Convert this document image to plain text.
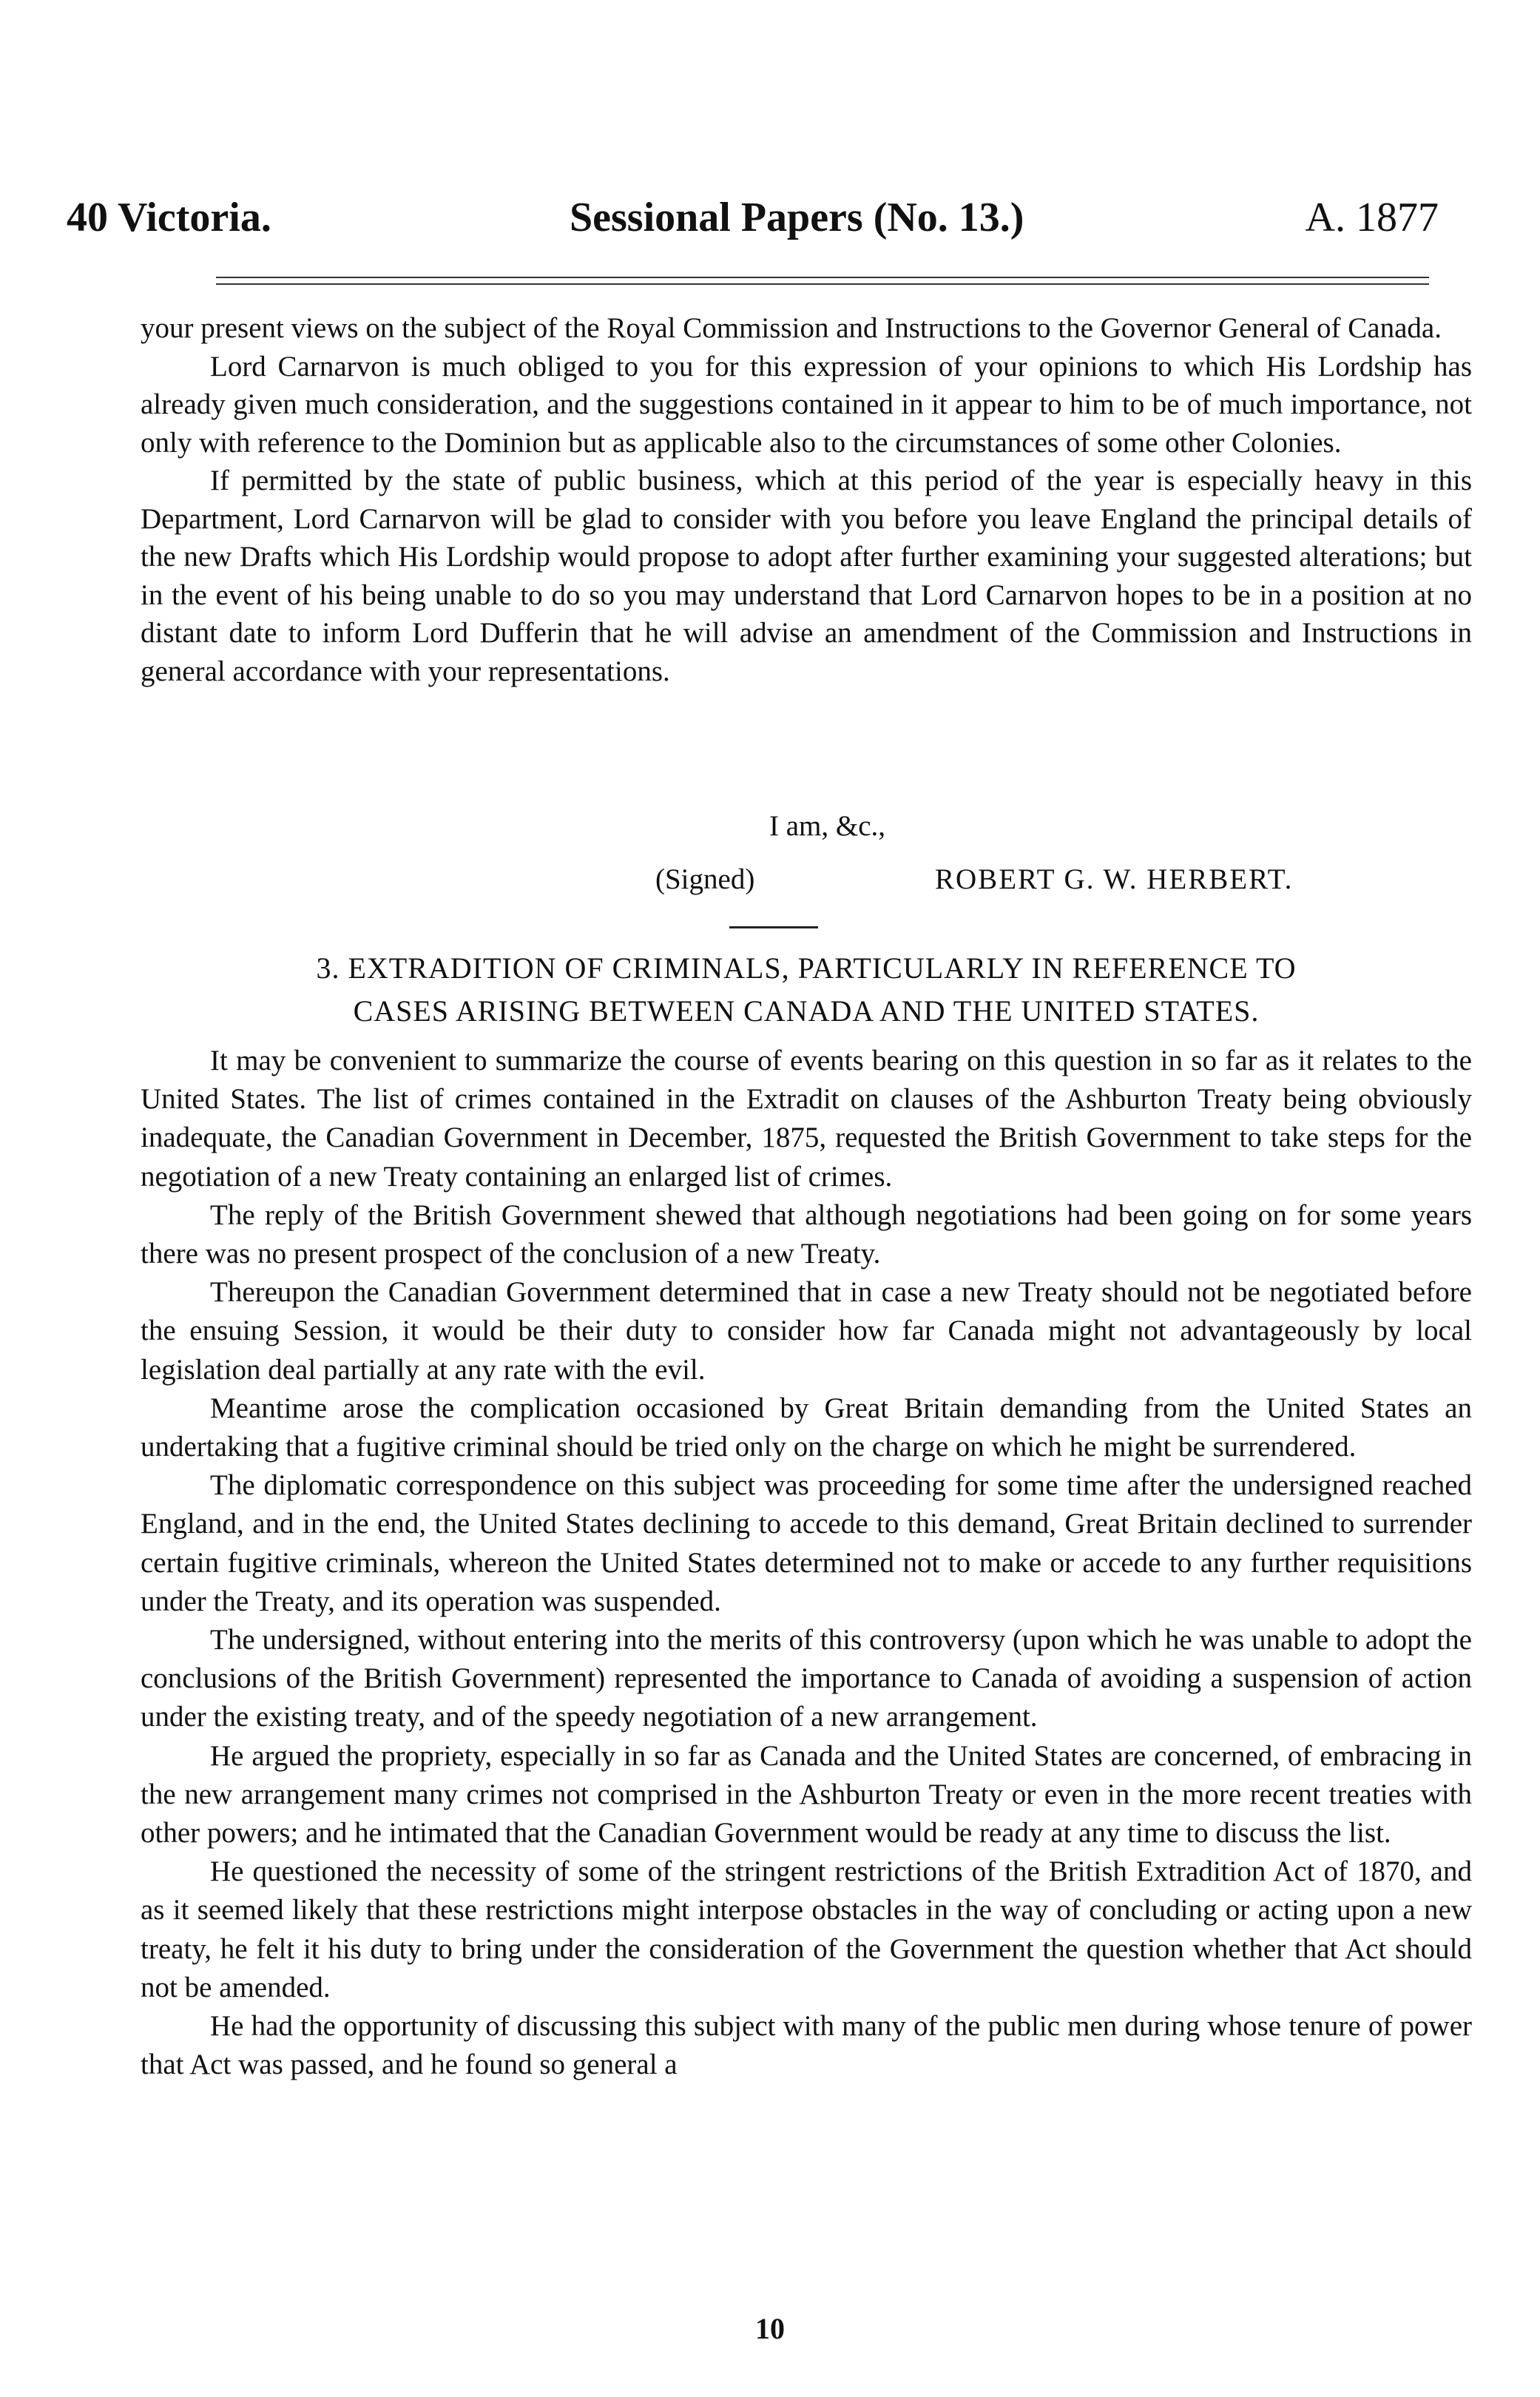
40 Victoria.	Sessional Papers (No. 13.)	A. 1877

your present views on the subject of the Royal Commission and Instructions to the Governor General of Canada.

Lord Carnarvon is much obliged to you for this expression of your opinions to which His Lordship has already given much consideration, and the suggestions contained in it appear to him to be of much importance, not only with reference to the Dominion but as applicable also to the circumstances of some other Colonies.

If permitted by the state of public business, which at this period of the year is especially heavy in this Department, Lord Carnarvon will be glad to consider with you before you leave England the principal details of the new Drafts which His Lordship would propose to adopt after further examining your suggested alterations; but in the event of his being unable to do so you may understand that Lord Carnarvon hopes to be in a position at no distant date to inform Lord Dufferin that he will advise an amendment of the Commission and Instructions in general accordance with your representations.

I am, &c.,
(Signed)	ROBERT G. W. HERBERT.
3. EXTRADITION OF CRIMINALS, PARTICULARLY IN REFERENCE TO
CASES ARISING BETWEEN CANADA AND THE UNITED STATES.

It may be convenient to summarize the course of events bearing on this question in so far as it relates to the United States. The list of crimes contained in the Extradit on clauses of the Ashburton Treaty being obviously inadequate, the Canadian Government in December, 1875, requested the British Government to take steps for the negotiation of a new Treaty containing an enlarged list of crimes.

The reply of the British Government shewed that although negotiations had been going on for some years there was no present prospect of the conclusion of a new Treaty.

Thereupon the Canadian Government determined that in case a new Treaty should not be negotiated before the ensuing Session, it would be their duty to consider how far Canada might not advantageously by local legislation deal partially at any rate with the evil.

Meantime arose the complication occasioned by Great Britain demanding from the United States an undertaking that a fugitive criminal should be tried only on the charge on which he might be surrendered.

The diplomatic correspondence on this subject was proceeding for some time after the undersigned reached England, and in the end, the United States declining to accede to this demand, Great Britain declined to surrender certain fugitive criminals, whereon the United States determined not to make or accede to any further requisitions under the Treaty, and its operation was suspended.

The undersigned, without entering into the merits of this controversy (upon which he was unable to adopt the conclusions of the British Government) represented the importance to Canada of avoiding a suspension of action under the existing treaty, and of the speedy negotiation of a new arrangement.

He argued the propriety, especially in so far as Canada and the United States are concerned, of embracing in the new arrangement many crimes not comprised in the Ashburton Treaty or even in the more recent treaties with other powers; and he intimated that the Canadian Government would be ready at any time to discuss the list.

He questioned the necessity of some of the stringent restrictions of the British Extradition Act of 1870, and as it seemed likely that these restrictions might interpose obstacles in the way of concluding or acting upon a new treaty, he felt it his duty to bring under the consideration of the Government the question whether that Act should not be amended.

He had the opportunity of discussing this subject with many of the public men during whose tenure of power that Act was passed, and he found so general a

10
